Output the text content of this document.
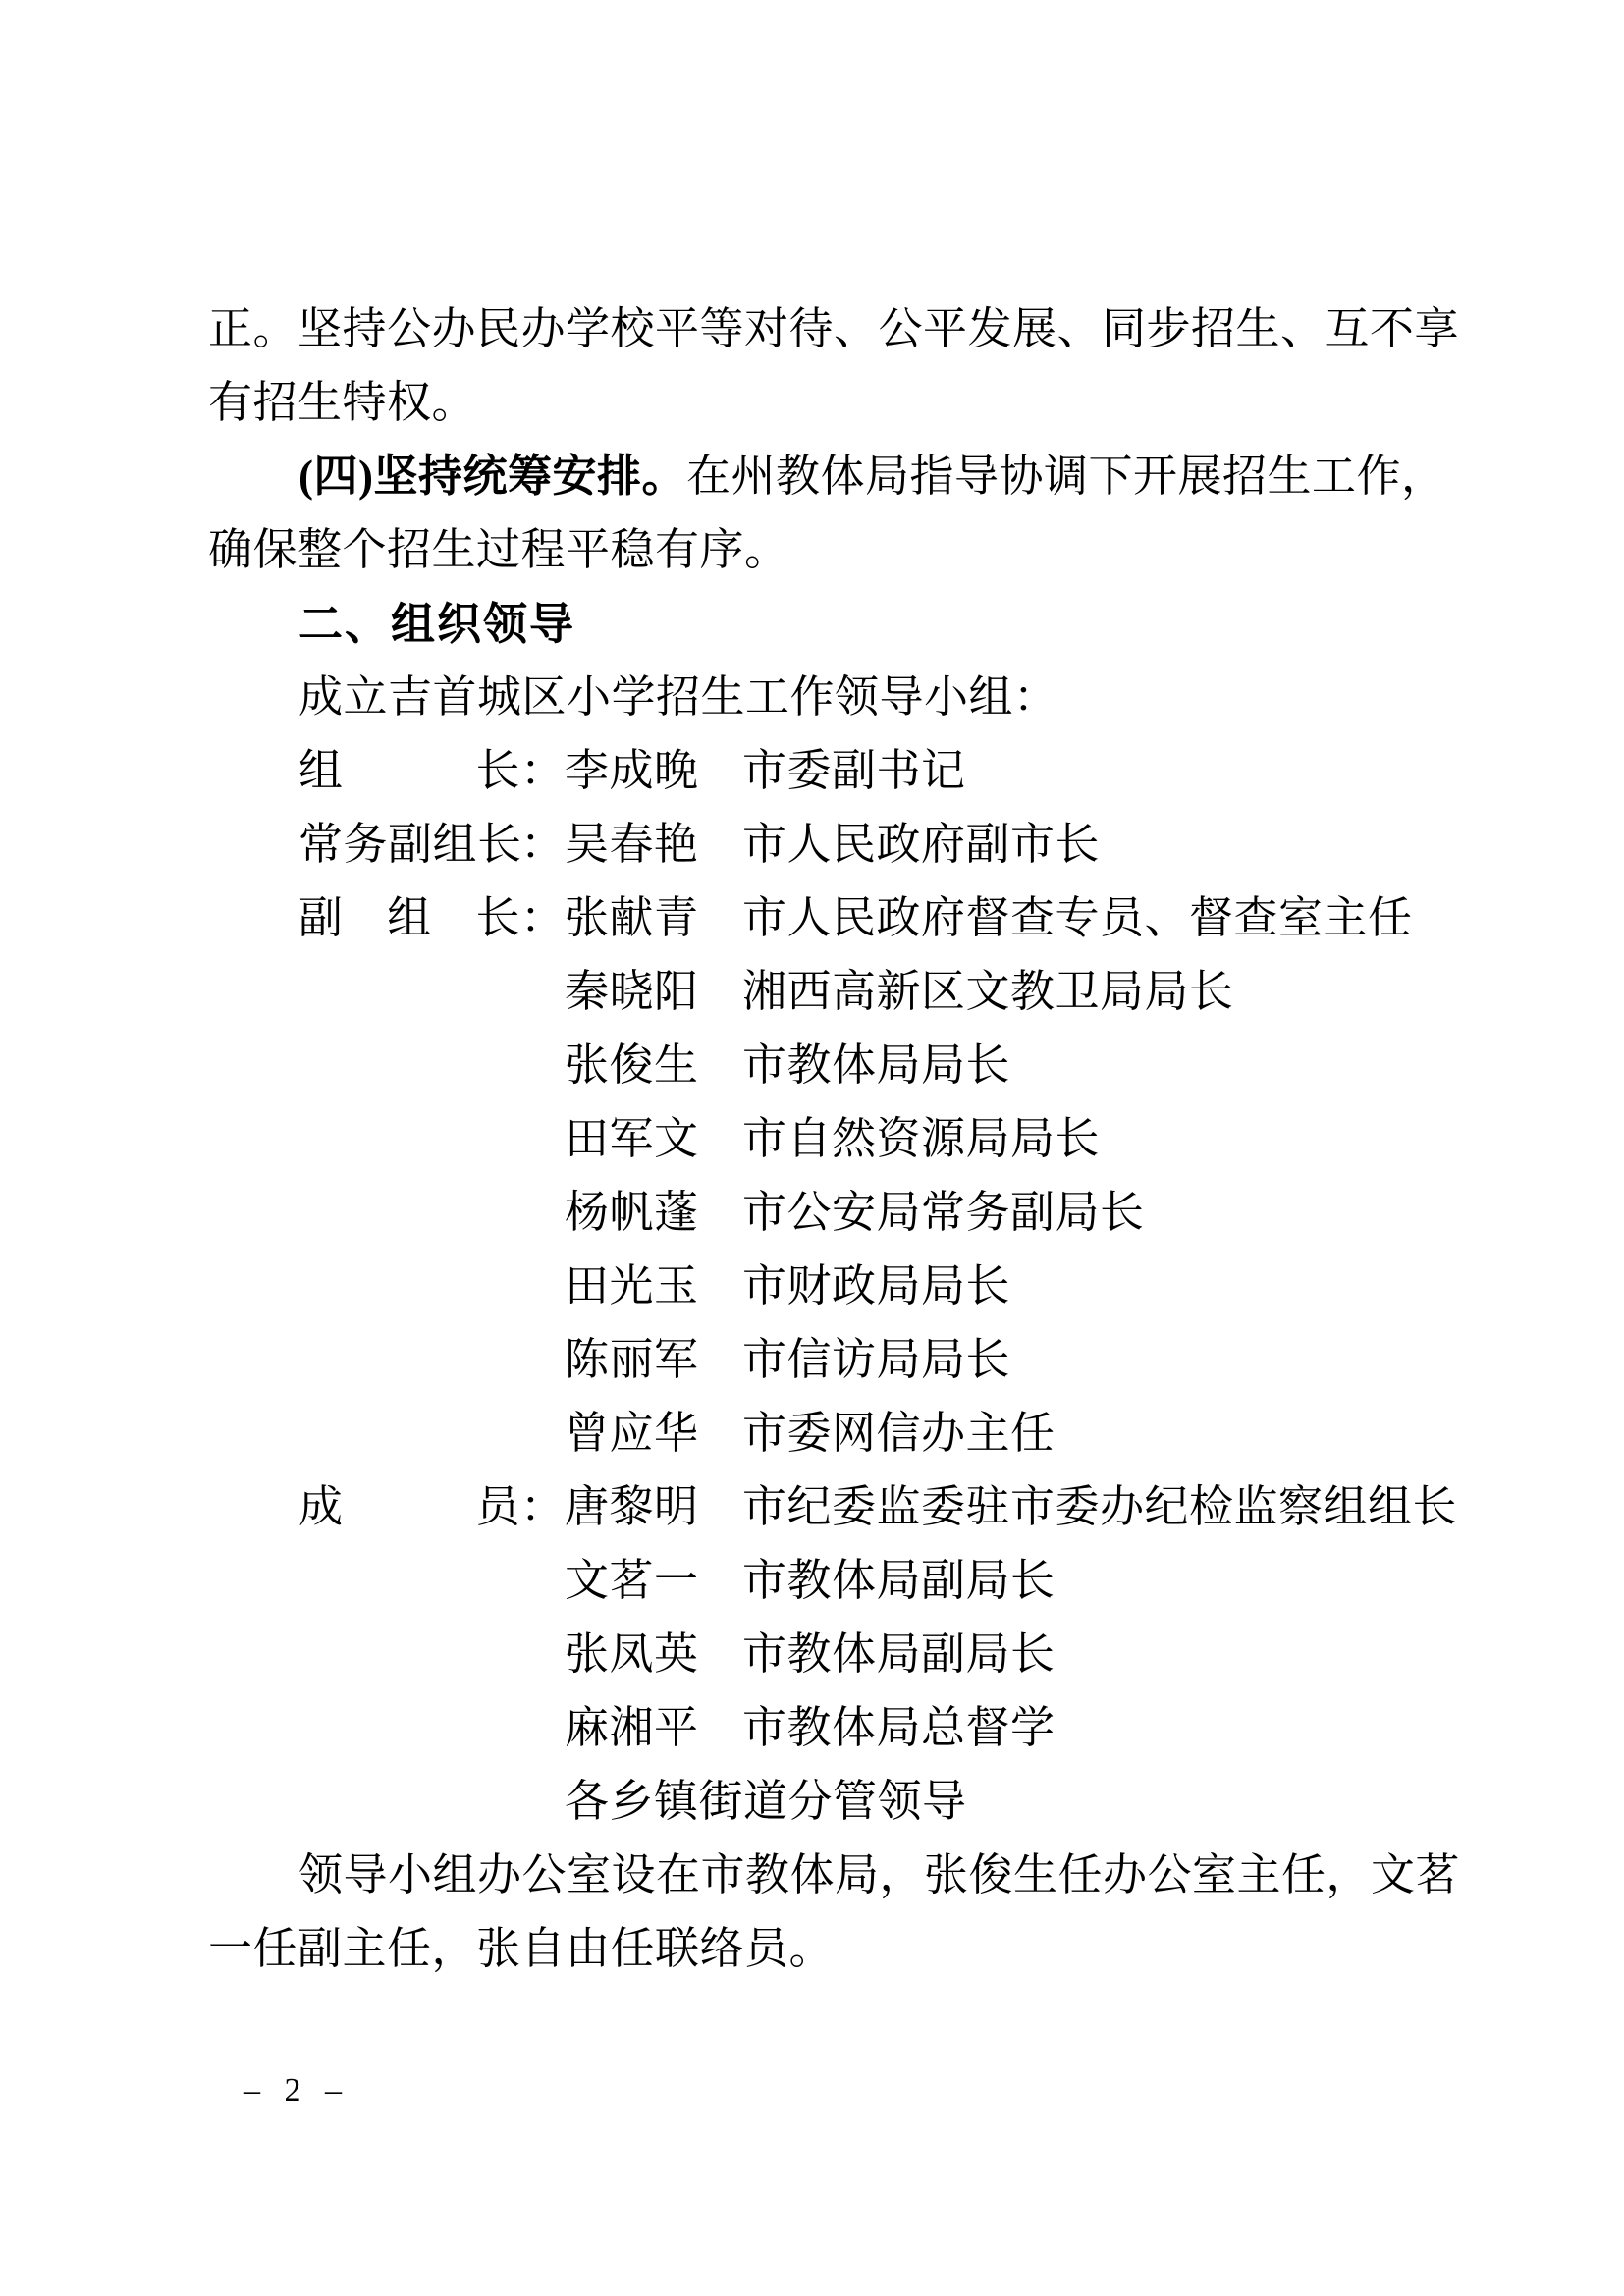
正。坚持公办民办学校平等对待、公平发展、同步招生、互不享
有招生特权。
(四)坚持统筹安排。在州教体局指导协调下开展招生工作，
确保整个招生过程平稳有序。
二、组织领导
成立吉首城区小学招生工作领导小组：
组	长 ： 李成晚 市委副书记
常 务 副 组 长
： 吴春艳 市人民政府副市长
副 组 长 ： 张献青 市人民政府督查专员、督查室主任
秦晓阳 湘西高新区文教卫局局长
张俊生 市教体局局长
田军文 市自然资源局局长
杨帆蓬 市公安局常务副局长
田光玉 市财政局局长
陈丽军 市信访局局长
曾应华 市委网信办主任
成	员 ： 唐黎明 市纪委监委驻市委办纪检监察组组长
文茗一 市教体局副局长
张凤英 市教体局副局长
麻湘平 市教体局总督学
各乡镇街道分管领导
领导小组办公室设在市教体局，张俊生任办公室主任，文茗
一任副主任，张自由任联络员。
– 2 –
